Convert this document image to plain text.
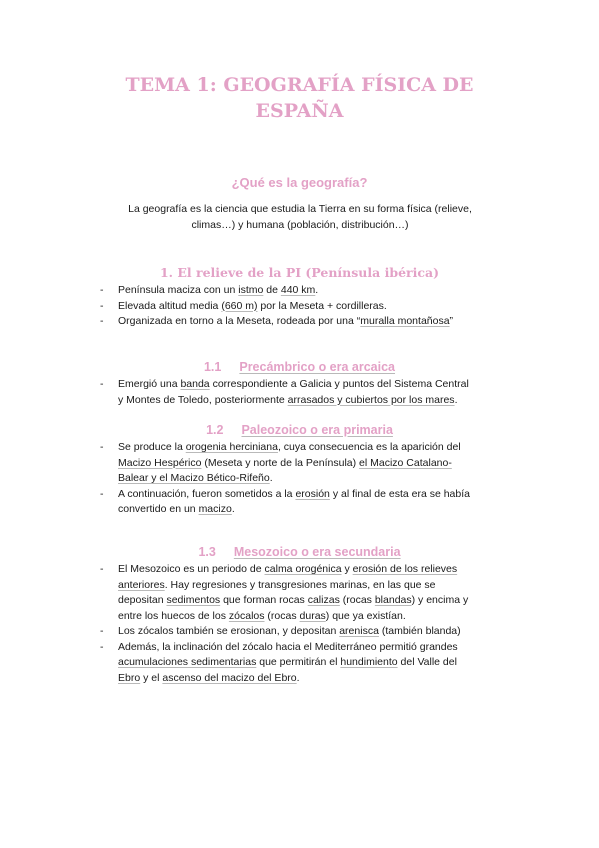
TEMA 1: GEOGRAFÍA FÍSICA DE
ESPAÑA
¿Qué es la geografía?

La geografía es la ciencia que estudia la Tierra en su forma física (relieve,
climas…) y humana (población, distribución…)

1. El relieve de la PI (Península ibérica)
- Península maciza con un istmo de 440 km.
- Elevada altitud media (660 m) por la Meseta + cordilleras.
- Organizada en torno a la Meseta, rodeada por una “muralla montañosa”
1.1 Precámbrico o era arcaica
- Emergió una banda correspondiente a Galicia y puntos del Sistema Central
y Montes de Toledo, posteriormente arrasados y cubiertos por los mares.
1.2 Paleozoico o era primaria
- Se produce la orogenia herciniana, cuya consecuencia es la aparición del
Macizo Hespérico (Meseta y norte de la Península) el Macizo Catalano-
Balear y el Macizo Bético-Rifeño.
- A continuación, fueron sometidos a la erosión y al final de esta era se había
convertido en un macizo.
1.3 Mesozoico o era secundaria
- El Mesozoico es un periodo de calma orogénica y erosión de los relieves
anteriores. Hay regresiones y transgresiones marinas, en las que se
depositan sedimentos que forman rocas calizas (rocas blandas) y encima y
entre los huecos de los zócalos (rocas duras) que ya existían.
- Los zócalos también se erosionan, y depositan arenisca (también blanda)
- Además, la inclinación del zócalo hacia el Mediterráneo permitió grandes
acumulaciones sedimentarias que permitirán el hundimiento del Valle del
Ebro y el ascenso del macizo del Ebro.
